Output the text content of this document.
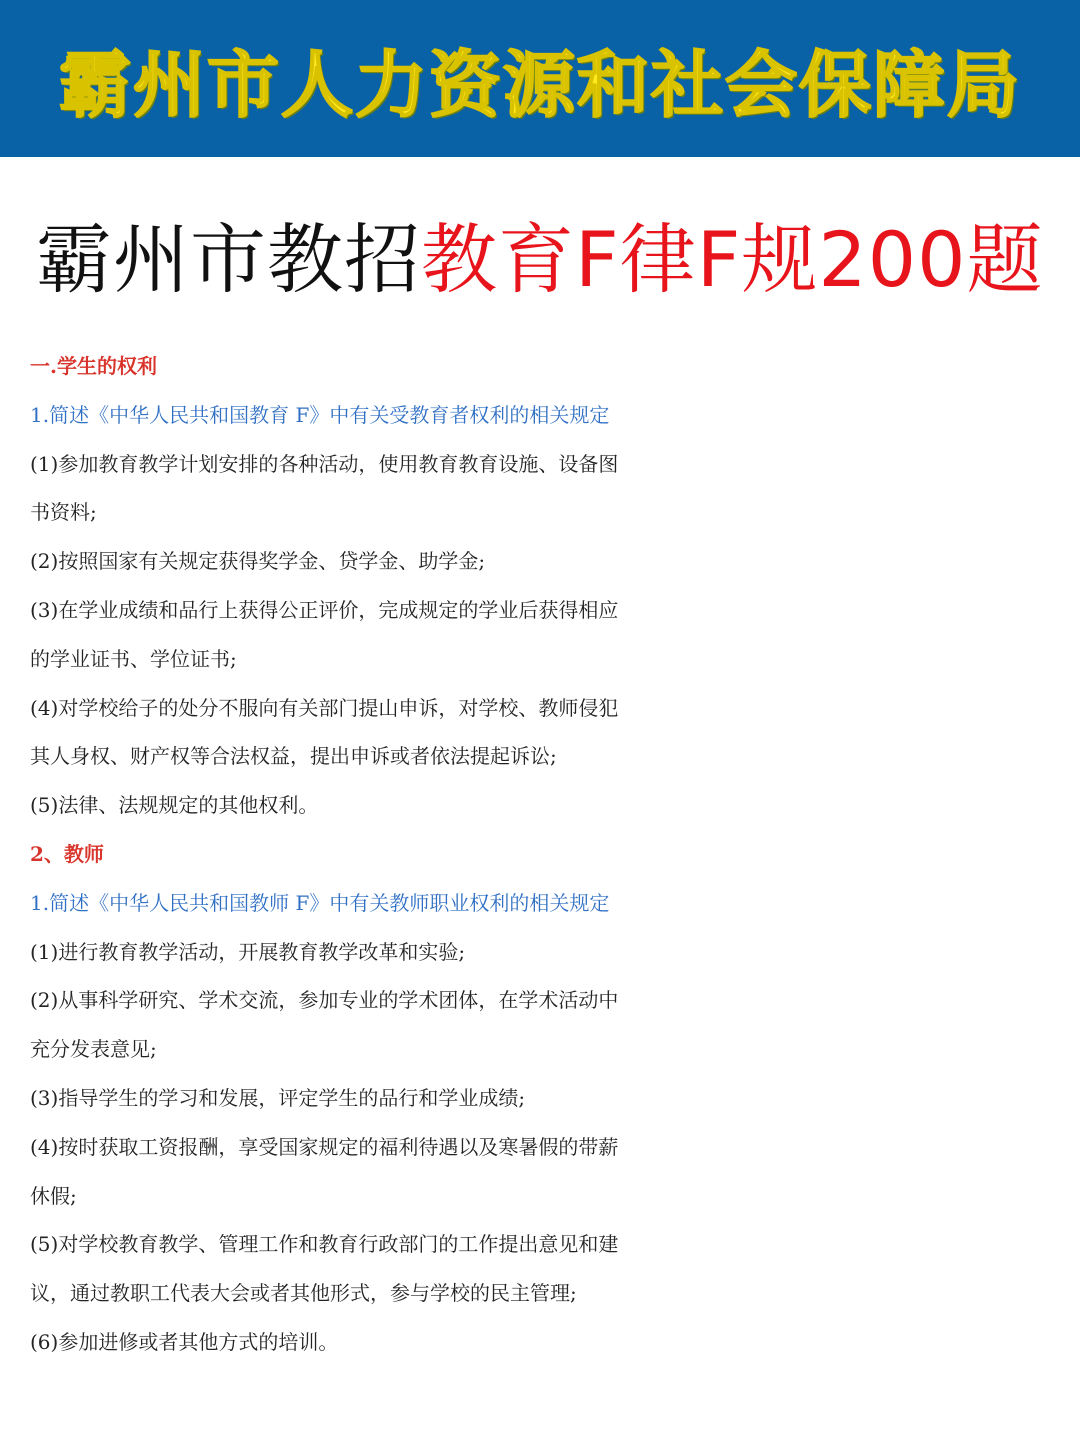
霸州市人力资源和社会保障局
霸州市教招教育F律F规200题
一.学生的权利
1.简述《中华人民共和国教育 F》中有关受教育者权利的相关规定
(1)参加教育教学计划安排的各种活动，使用教育教育设施、设备图
书资料;
(2)按照国家有关规定获得奖学金、贷学金、助学金;
(3)在学业成绩和品行上获得公正评价，完成规定的学业后获得相应
的学业证书、学位证书;
(4)对学校给子的处分不服向有关部门提山申诉，对学校、教师侵犯
其人身权、财产权等合法权益，提出申诉或者依法提起诉讼;
(5)法律、法规规定的其他权利。
2、教师
1.简述《中华人民共和国教师 F》中有关教师职业权利的相关规定
(1)进行教育教学活动，开展教育教学改革和实验;
(2)从事科学研究、学术交流，参加专业的学术团体，在学术活动中
充分发表意见;
(3)指导学生的学习和发展，评定学生的品行和学业成绩;
(4)按时获取工资报酬，享受国家规定的福利待遇以及寒暑假的带薪
休假;
(5)对学校教育教学、管理工作和教育行政部门的工作提出意见和建
议，通过教职工代表大会或者其他形式，参与学校的民主管理;
(6)参加进修或者其他方式的培训。
